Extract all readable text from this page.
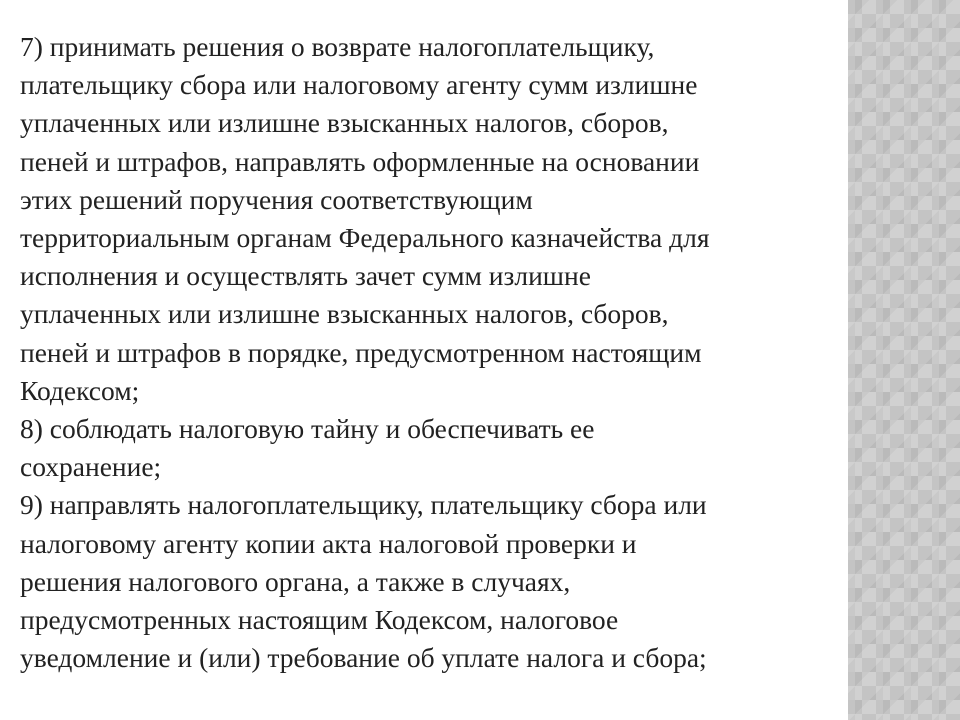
7) принимать решения о возврате налогоплательщику,

плательщику сбора или налоговому агенту сумм излишне

уплаченных или излишне взысканных налогов, сборов,

пеней и штрафов, направлять оформленные на основании

этих решений поручения соответствующим

территориальным органам Федерального казначейства для

исполнения и осуществлять зачет сумм излишне

уплаченных или излишне взысканных налогов, сборов,

пеней и штрафов в порядке, предусмотренном настоящим

Кодексом;

8) соблюдать налоговую тайну и обеспечивать ее

сохранение;

9) направлять налогоплательщику, плательщику сбора или

налоговому агенту копии акта налоговой проверки и

решения налогового органа, а также в случаях,

предусмотренных настоящим Кодексом, налоговое

уведомление и (или) требование об уплате налога и сбора;
